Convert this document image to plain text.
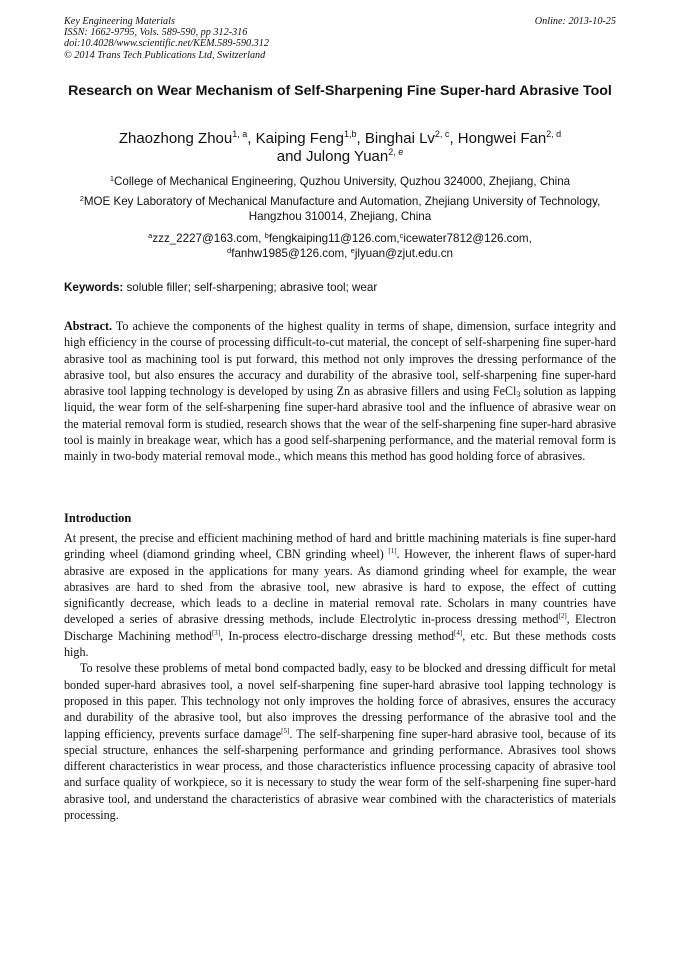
Key Engineering Materials
ISSN: 1662-9795, Vols. 589-590, pp 312-316
doi:10.4028/www.scientific.net/KEM.589-590.312
© 2014 Trans Tech Publications Ltd, Switzerland
Online: 2013-10-25
Research on Wear Mechanism of Self-Sharpening Fine Super-hard Abrasive Tool
Zhaozhong Zhou$^{1, a}$, Kaiping Feng$^{1,b}$, Binghai Lv$^{2, c}$, Hongwei Fan$^{2, d}$
and Julong Yuan$^{2, e}$
$^1$College of Mechanical Engineering, Quzhou University, Quzhou 324000, Zhejiang, China
$^2$MOE Key Laboratory of Mechanical Manufacture and Automation, Zhejiang University of Technology, Hangzhou 310014, Zhejiang, China
$^a$zzz_2227@163.com, $^b$fengkaiping11@126.com,$^c$icewater7812@126.com,
$^d$fanhw1985@126.com, $^e$jlyuan@zjut.edu.cn
Keywords: soluble filler; self-sharpening; abrasive tool; wear
Abstract. To achieve the components of the highest quality in terms of shape, dimension, surface integrity and high efficiency in the course of processing difficult-to-cut material, the concept of self-sharpening fine super-hard abrasive tool as machining tool is put forward, this method not only improves the dressing performance of the abrasive tool, but also ensures the accuracy and durability of the abrasive tool, self-sharpening fine super-hard abrasive tool lapping technology is developed by using Zn as abrasive fillers and using FeCl$_3$ solution as lapping liquid, the wear form of the self-sharpening fine super-hard abrasive tool and the influence of abrasive wear on the material removal form is studied, research shows that the wear of the self-sharpening fine super-hard abrasive tool is mainly in breakage wear, which has a good self-sharpening performance, and the material removal form is mainly in two-body material removal mode., which means this method has good holding force of abrasives.
Introduction

At present, the precise and efficient machining method of hard and brittle machining materials is fine super-hard grinding wheel (diamond grinding wheel, CBN grinding wheel) [1]. However, the inherent flaws of super-hard abrasive are exposed in the applications for many years. As diamond grinding wheel for example, the wear abrasives are hard to shed from the abrasive tool, new abrasive is hard to expose, the effect of cutting significantly decrease, which leads to a decline in material removal rate. Scholars in many countries have developed a series of abrasive dressing methods, include Electrolytic in-process dressing method[2], Electron Discharge Machining method[3], In-process electro-discharge dressing method[4], etc. But these methods costs high.

To resolve these problems of metal bond compacted badly, easy to be blocked and dressing difficult for metal bonded super-hard abrasives tool, a novel self-sharpening fine super-hard abrasive tool lapping technology is proposed in this paper. This technology not only improves the holding force of abrasives, ensures the accuracy and durability of the abrasive tool, but also improves the dressing performance of the abrasive tool and the lapping efficiency, prevents surface damage[5]. The self-sharpening fine super-hard abrasive tool, because of its special structure, enhances the self-sharpening performance and grinding performance. Abrasives tool shows different characteristics in wear process, and those characteristics influence processing capacity of abrasive tool and surface quality of workpiece, so it is necessary to study the wear form of the self-sharpening fine super-hard abrasive tool, and understand the characteristics of abrasive wear combined with the characteristics of materials processing.
